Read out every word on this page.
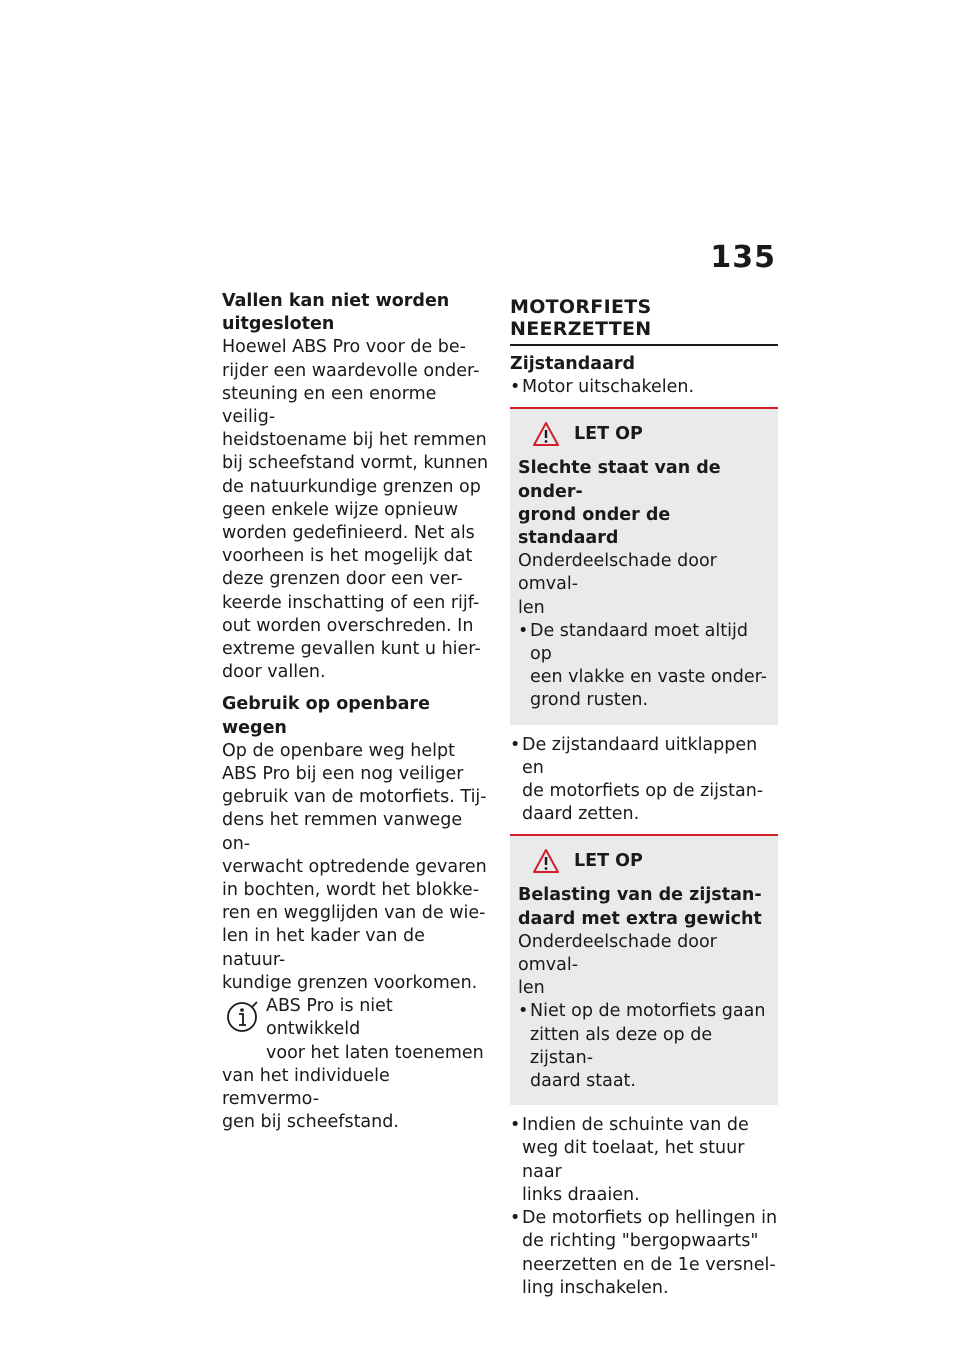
135
Vallen kan niet worden
uitgesloten
Hoewel ABS Pro voor de be-
rijder een waardevolle onder-
steuning en een enorme veilig-
heidstoename bij het remmen
bij scheefstand vormt, kunnen
de natuurkundige grenzen op
geen enkele wijze opnieuw
worden gedefinieerd. Net als
voorheen is het mogelijk dat
deze grenzen door een ver-
keerde inschatting of een rijf-
out worden overschreden. In
extreme gevallen kunt u hier-
door vallen.
Gebruik op openbare wegen
Op de openbare weg helpt
ABS Pro bij een nog veiliger
gebruik van de motorfiets. Tij-
dens het remmen vanwege on-
verwacht optredende gevaren
in bochten, wordt het blokke-
ren en wegglijden van de wie-
len in het kader van de natuur-
kundige grenzen voorkomen.
ABS Pro is niet ontwikkeld
voor het laten toenemen
van het individuele remvermo-
gen bij scheefstand.
MOTORFIETS NEERZETTEN
Zijstandaard
• Motor uitschakelen.
LET OP
Slechte staat van de onder-
grond onder de standaard
Onderdeelschade door omval-
len
• De standaard moet altijd op
een vlakke en vaste onder-
grond rusten.
• De zijstandaard uitklappen en
de motorfiets op de zijstan-
daard zetten.
LET OP
Belasting van de zijstan-
daard met extra gewicht
Onderdeelschade door omval-
len
• Niet op de motorfiets gaan
zitten als deze op de zijstan-
daard staat.
• Indien de schuinte van de
weg dit toelaat, het stuur naar
links draaien.
• De motorfiets op hellingen in
de richting "bergopwaarts"
neerzetten en de 1e versnel-
ling inschakelen.
